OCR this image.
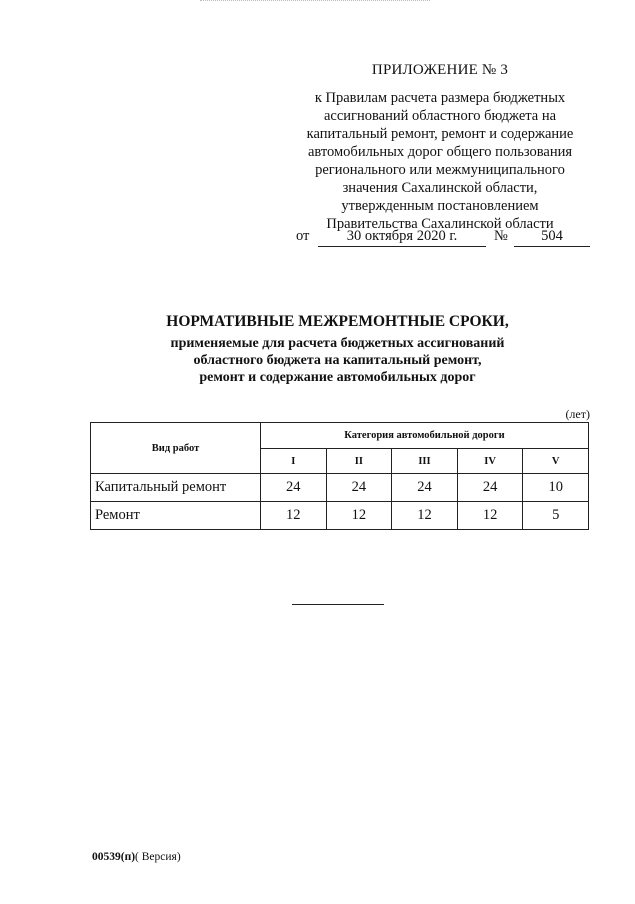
ПРИЛОЖЕНИЕ № 3
к Правилам расчета размера бюджетных
ассигнований областного бюджета на
капитальный ремонт, ремонт и содержание
автомобильных дорог общего пользования
регионального или межмуниципального
значения Сахалинской области,
утвержденным постановлением
Правительства Сахалинской области
от	30 октября 2020 г.	№	504
НОРМАТИВНЫЕ МЕЖРЕМОНТНЫЕ СРОКИ,
применяемые для расчета бюджетных ассигнований
областного бюджета на капитальный ремонт,
ремонт и содержание автомобильных дорог
(лет)
Вид работ	Категория автомобильной дороги				
	I	II	III	IV	V
Капитальный ремонт	24	24	24	24	10
Ремонт	12	12	12	12	5
00539(п)( Версия)
